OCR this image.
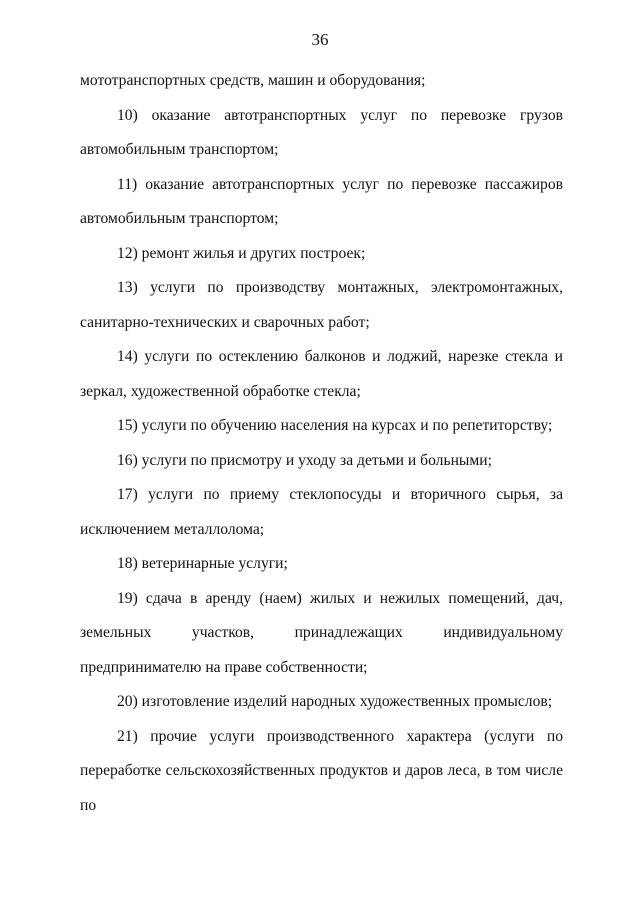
36

мототранспортных средств, машин и оборудования;

10) оказание автотранспортных услуг по перевозке грузов автомобильным транспортом;

11) оказание автотранспортных услуг по перевозке пассажиров автомобильным транспортом;

12) ремонт жилья и других построек;

13) услуги по производству монтажных, электромонтажных, санитарно-технических и сварочных работ;

14) услуги по остеклению балконов и лоджий, нарезке стекла и зеркал, художественной обработке стекла;

15) услуги по обучению населения на курсах и по репетиторству;

16) услуги по присмотру и уходу за детьми и больными;

17) услуги по приему стеклопосуды и вторичного сырья, за исключением металлолома;

18) ветеринарные услуги;

19) сдача в аренду (наем) жилых и нежилых помещений, дач, земельных участков, принадлежащих индивидуальному предпринимателю на праве собственности;

20) изготовление изделий народных художественных промыслов;

21) прочие услуги производственного характера (услуги по переработке сельскохозяйственных продуктов и даров леса, в том числе по
